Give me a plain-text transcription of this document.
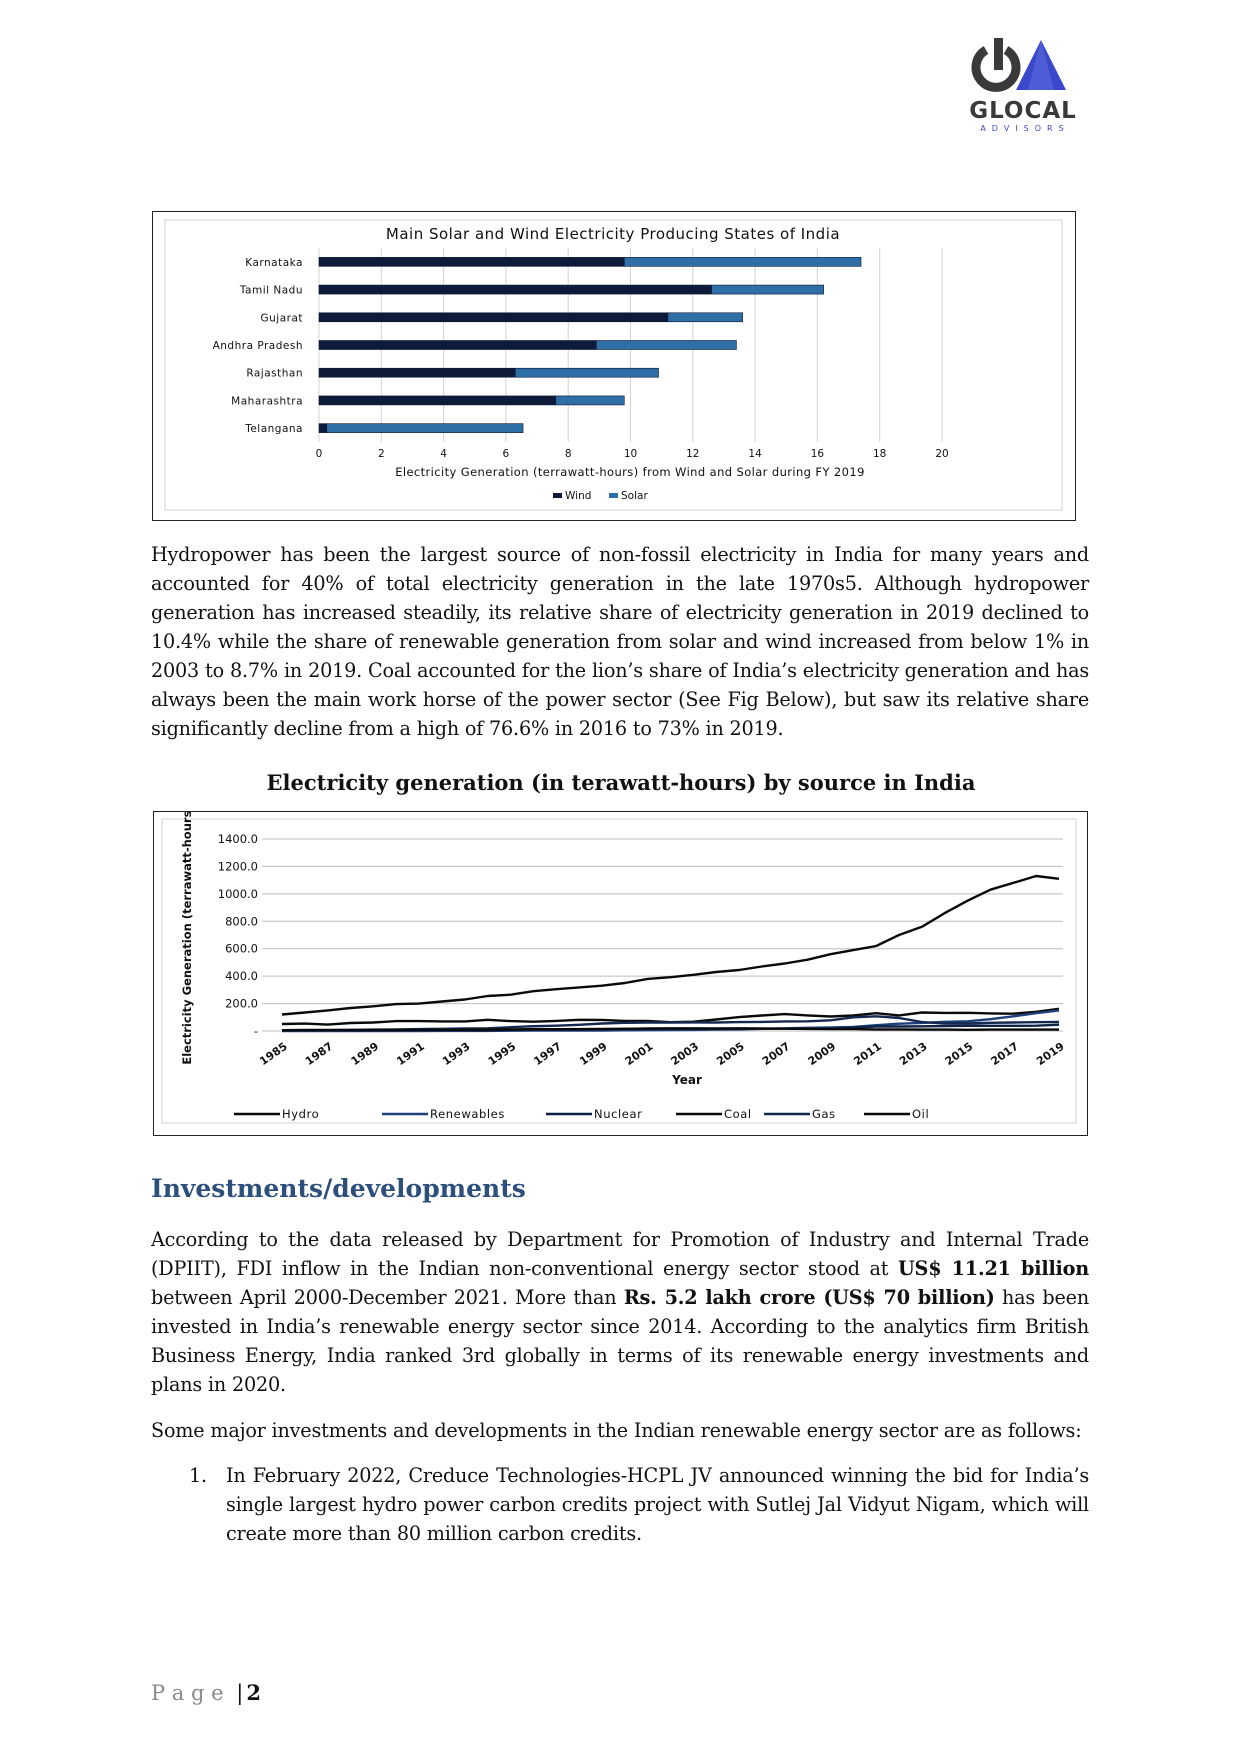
GLOCAL
ADVISORS
Main Solar and Wind Electricity Producing States of India
0	2	4	6	8	10	12	14	16	18	20
Karnataka
Tamil Nadu
Gujarat
Andhra Pradesh
Rajasthan
Maharashtra
Telangana
Electricity Generation (terrawatt-hours) from Wind and Solar during FY 2019
Wind	Solar

Hydropower has been the largest source of non-fossil electricity in India for many years and accounted for 40% of total electricity generation in the late 1970s5. Although hydropower generation has increased steadily, its relative share of electricity generation in 2019 declined to 10.4% while the share of renewable generation from solar and wind increased from below 1% in 2003 to 8.7% in 2019. Coal accounted for the lion’s share of India’s electricity generation and has always been the main work horse of the power sector (See Fig Below), but saw its relative share significantly decline from a high of 76.6% in 2016 to 73% in 2019.

Electricity generation (in terawatt-hours) by source in India
-
200.0
400.0
600.0
800.0
1000.0
1200.0
1400.0
Electricity Generation (terrawatt-hours)	1985 1987 1989 1991 1993 1995 1997 1999 2001 2003 2005 2007 2009 2011 2013 2015 2017 2019
Year
Hydro	Renewables	Nuclear	Coal	Gas	Oil
Investments/developments

According to the data released by Department for Promotion of Industry and Internal Trade (DPIIT), FDI inflow in the Indian non-conventional energy sector stood at US$ 11.21 billion between April 2000-December 2021. More than Rs. 5.2 lakh crore (US$ 70 billion) has been invested in India’s renewable energy sector since 2014. According to the analytics firm British Business Energy, India ranked 3rd globally in terms of its renewable energy investments and plans in 2020.

Some major investments and developments in the Indian renewable energy sector are as follows:

1. In February 2022, Creduce Technologies-HCPL JV announced winning the bid for India’s single largest hydro power carbon credits project with Sutlej Jal Vidyut Nigam, which will create more than 80 million carbon credits.
P a g e | 2
